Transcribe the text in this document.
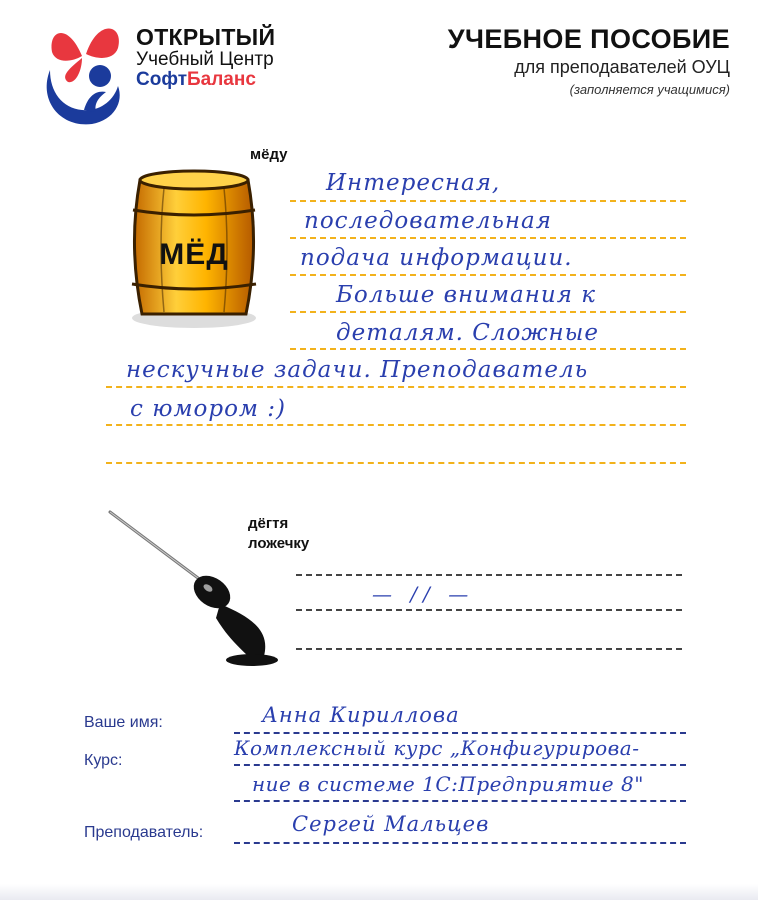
ОТКРЫТЫЙ
Учебный Центр
СофтБаланс
УЧЕБНОЕ ПОСОБИЕ
для преподавателей ОУЦ
(заполняется учащимися)
мёду
МЁД
Интересная,
последовательная
подача информации.
Больше внимания к
деталям. Сложные
нескучные задачи. Преподаватель
с юмором :)
дёгтя
ложечку
— // —
Ваше имя:	Анна Кириллова
Курс:
Комплексный курс „Конфигурирова-
ние в системе 1С:Предприятие 8"
Преподаватель:	Сергей Мальцев
